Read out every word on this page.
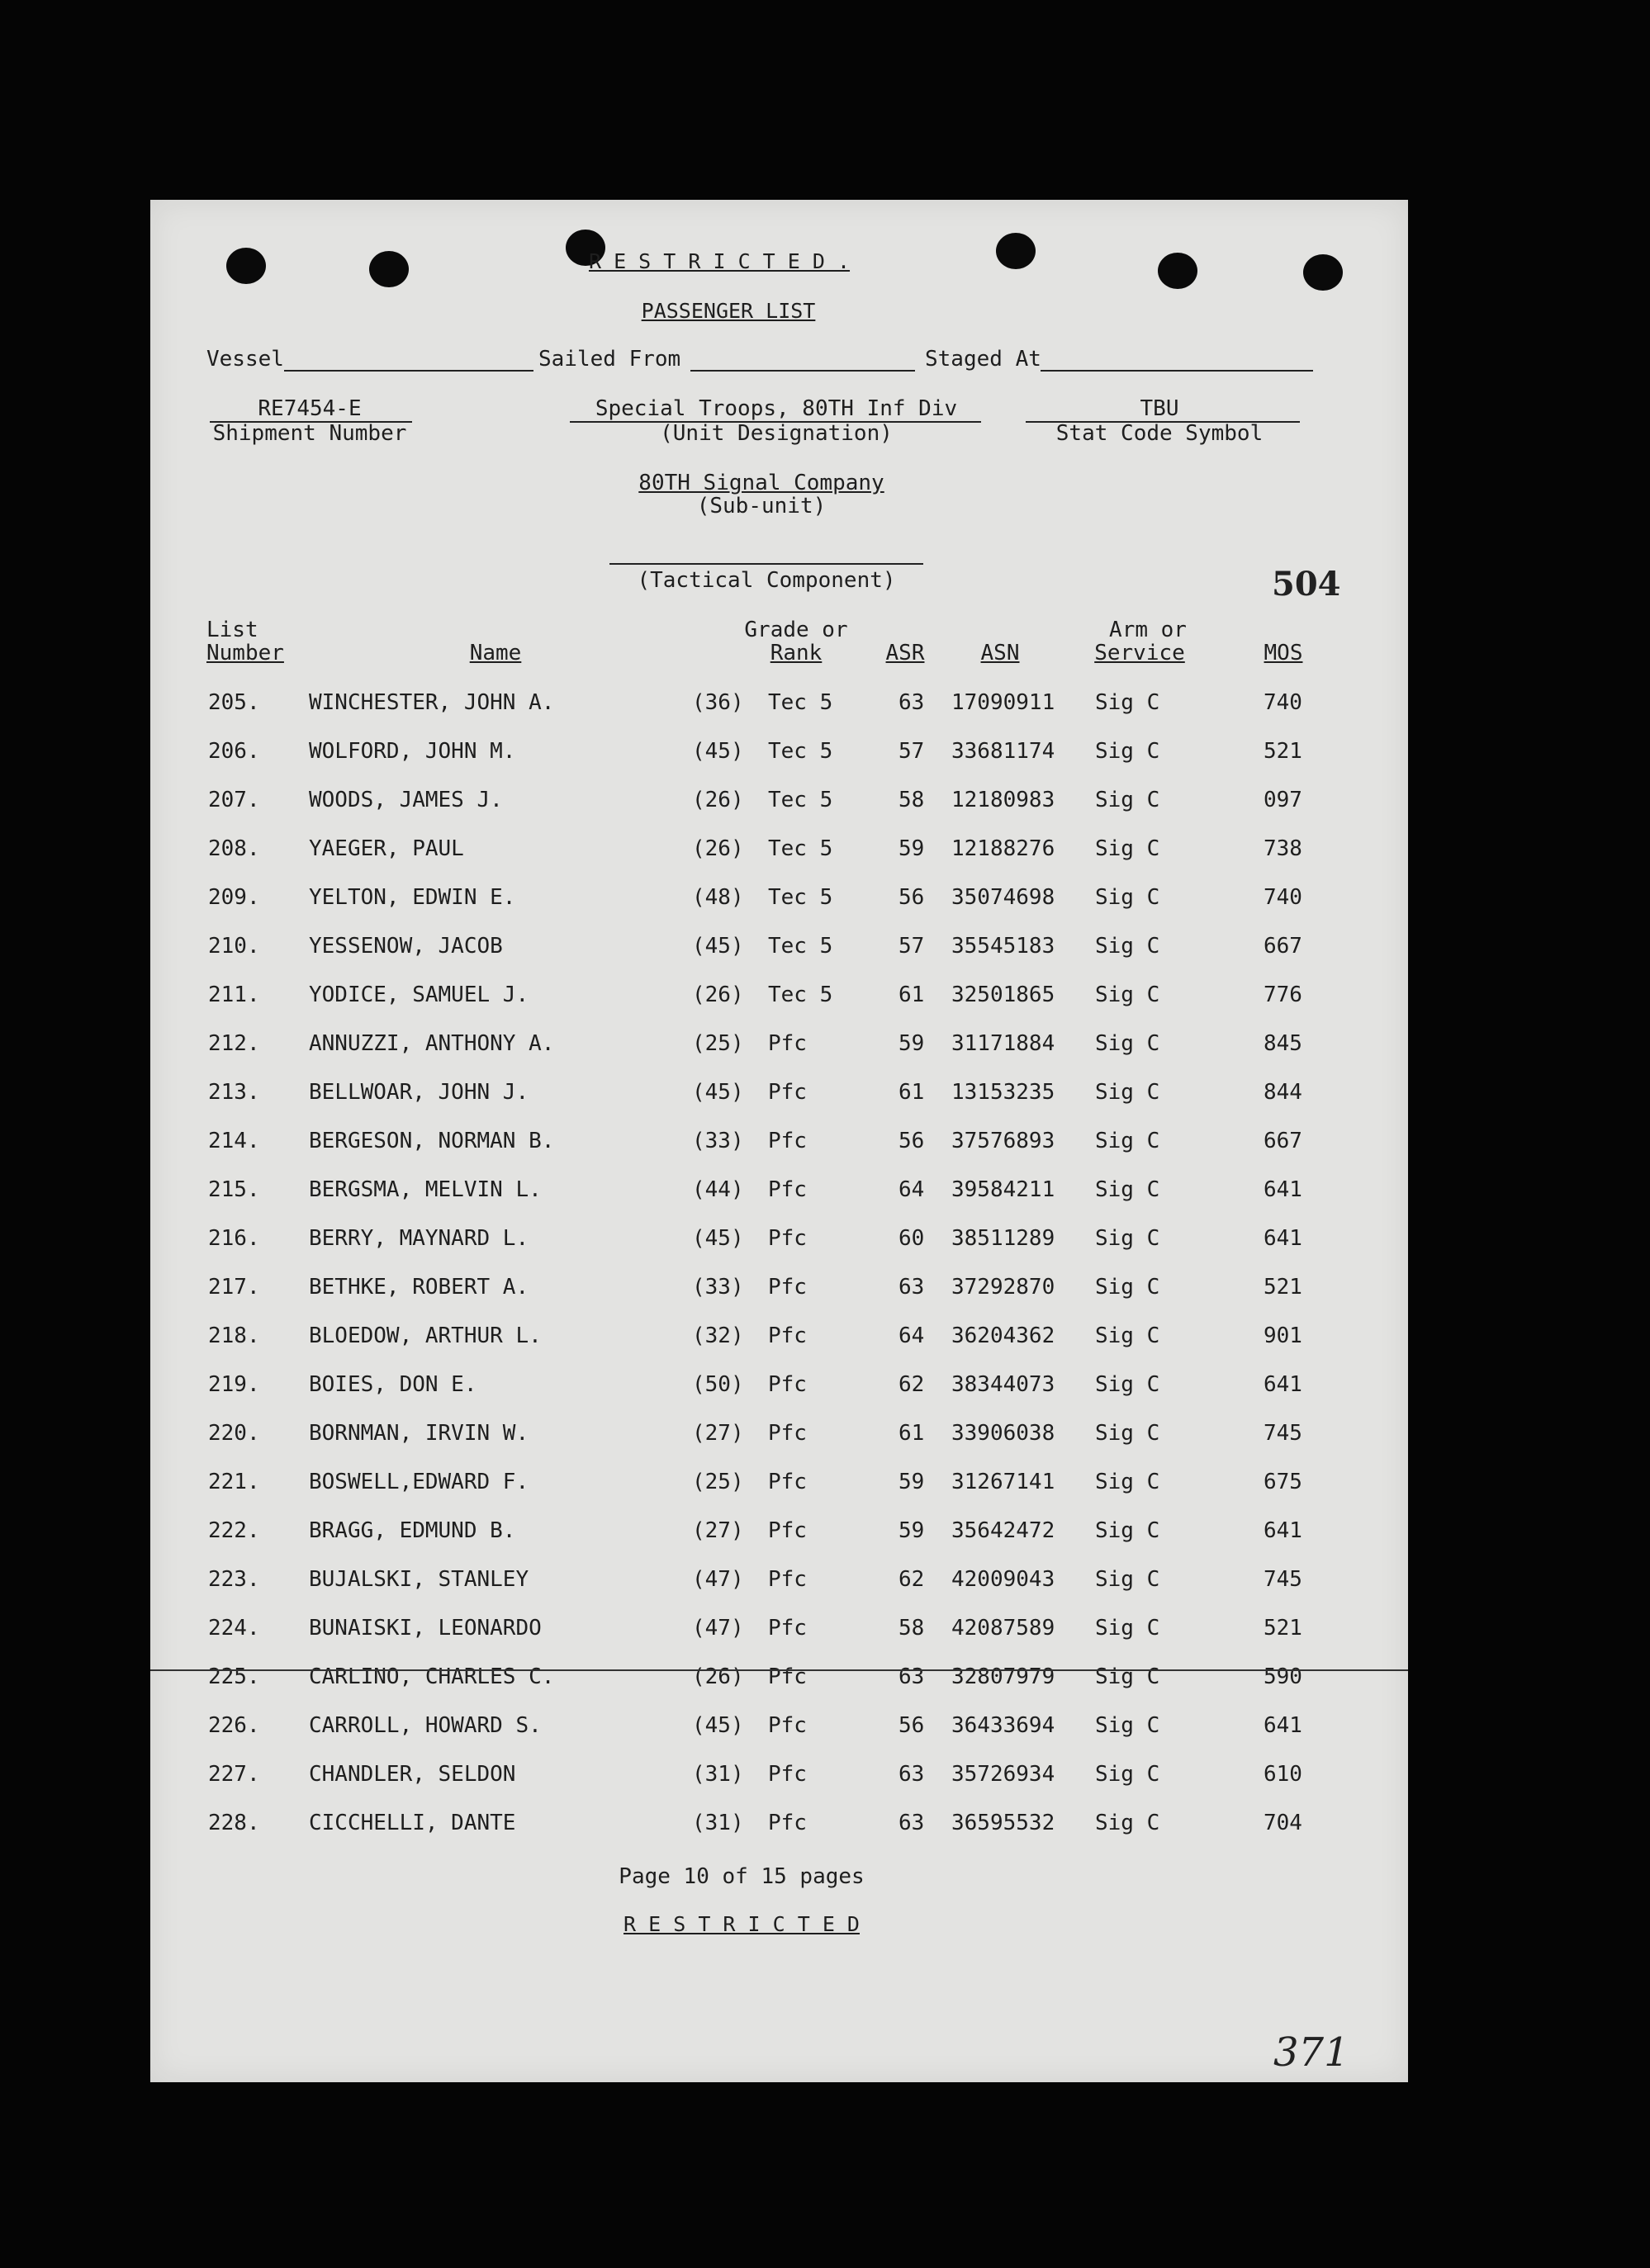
R E S T R I C T E D .
PASSENGER LIST
Vessel	Sailed From	Staged At
RE7454-E
Shipment Number
Special Troops, 80TH Inf Div
(Unit Designation)
TBU
Stat Code Symbol
80TH Signal Company
(Sub-unit)
(Tactical Component)	504
List
Number	Name
Grade or
Rank	ASR	ASN
Arm or
Service	MOS
205. WINCHESTER, JOHN A.	(36) Tec 5	63 17090911 Sig C	740
206. WOLFORD, JOHN M.	(45) Tec 5	57 33681174 Sig C	521
207. WOODS, JAMES J.	(26) Tec 5	58 12180983 Sig C	097
208. YAEGER, PAUL	(26) Tec 5	59 12188276 Sig C	738
209. YELTON, EDWIN E.	(48) Tec 5	56 35074698 Sig C	740
210. YESSENOW, JACOB	(45) Tec 5	57 35545183 Sig C	667
211. YODICE, SAMUEL J.	(26) Tec 5	61 32501865 Sig C	776
212. ANNUZZI, ANTHONY A.	(25) Pfc	59 31171884 Sig C	845
213. BELLWOAR, JOHN J.	(45) Pfc	61 13153235 Sig C	844
214. BERGESON, NORMAN B.	(33) Pfc	56 37576893 Sig C	667
215. BERGSMA, MELVIN L.	(44) Pfc	64 39584211 Sig C	641
216. BERRY, MAYNARD L.	(45) Pfc	60 38511289 Sig C	641
217. BETHKE, ROBERT A.	(33) Pfc	63 37292870 Sig C	521
218. BLOEDOW, ARTHUR L.	(32) Pfc	64 36204362 Sig C	901
219. BOIES, DON E.	(50) Pfc	62 38344073 Sig C	641
220. BORNMAN, IRVIN W.	(27) Pfc	61 33906038 Sig C	745
221. BOSWELL,EDWARD F.	(25) Pfc	59 31267141 Sig C	675
222. BRAGG, EDMUND B.	(27) Pfc	59 35642472 Sig C	641
223. BUJALSKI, STANLEY	(47) Pfc	62 42009043 Sig C	745
224. BUNAISKI, LEONARDO	(47) Pfc	58 42087589 Sig C	521
225. CARLINO, CHARLES C.	(26) Pfc	63 32807979 Sig C	590
226. CARROLL, HOWARD S.	(45) Pfc	56 36433694 Sig C	641
227. CHANDLER, SELDON	(31) Pfc	63 35726934 Sig C	610
228. CICCHELLI, DANTE	(31) Pfc	63 36595532 Sig C	704
Page 10 of 15 pages
R E S T R I C T E D
371
